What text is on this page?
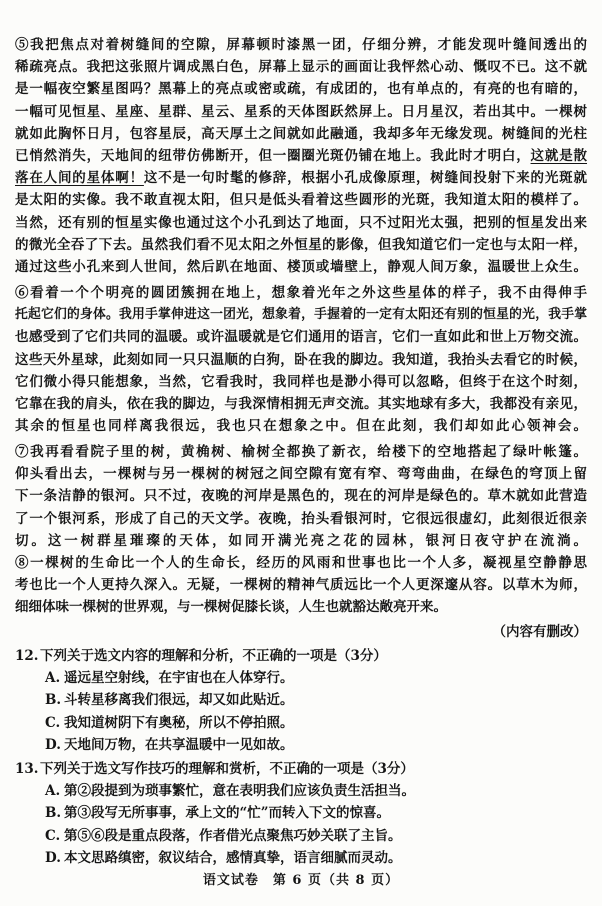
⑤我把焦点对着树缝间的空隙，屏幕顿时漆黑一团，仔细分辨，才能发现叶缝间透出的
稀疏亮点。我把这张照片调成黑白色，屏幕上显示的画面让我怦然心动、慨叹不已。这不就
是一幅夜空繁星图吗？黑幕上的亮点或密或疏，有成团的，也有单点的，有亮的也有暗的，
一幅可见恒星、星座、星群、星云、星系的天体图跃然屏上。日月星汉，若出其中。一棵树
就如此胸怀日月，包容星辰，高天厚土之间就如此融通，我却多年无缘发现。树缝间的光柱
已悄然消失，天地间的纽带仿佛断开，但一圈圈光斑仍铺在地上。我此时才明白，这就是散
落在人间的星体啊！这不是一句时髦的修辞，根据小孔成像原理，树缝间投射下来的光斑就
是太阳的实像。我不敢直视太阳，但只是低头看着这些圆形的光斑，我知道太阳的模样了。
当然，还有别的恒星实像也通过这个小孔到达了地面，只不过阳光太强，把别的恒星发出来
的微光全吞了下去。虽然我们看不见太阳之外恒星的影像，但我知道它们一定也与太阳一样，
通过这些小孔来到人世间，然后趴在地面、楼顶或墙壁上，静观人间万象，温暖世上众生。
⑥看着一个个明亮的圆团簇拥在地上，想象着光年之外这些星体的样子，我不由得伸手
托起它们的身体。我用手掌伸进这一团光，想象着，手握着的一定有太阳还有别的恒星的光，我手掌
也感受到了它们共同的温暖。或许温暖就是它们通用的语言，它们一直如此和世上万物交流。
这些天外星球，此刻如同一只只温顺的白狗，卧在我的脚边。我知道，我抬头去看它的时候，
它们微小得只能想象，当然，它看我时，我同样也是渺小得可以忽略，但终于在这个时刻，
它靠在我的肩头，依在我的脚边，与我深情相拥无声交流。其实地球有多大，我都没有亲见，
其余的恒星也同样离我很远，我也只在想象之中。但在此刻，我们却如此心领神会。
⑦我再看看院子里的树，黄桷树、榆树全都换了新衣，给楼下的空地搭起了绿叶帐篷。
仰头看出去，一棵树与另一棵树的树冠之间空隙有宽有窄、弯弯曲曲，在绿色的穹顶上留
下一条洁静的银河。只不过，夜晚的河岸是黑色的，现在的河岸是绿色的。草木就如此营造
了一个银河系，形成了自己的天文学。夜晚，抬头看银河时，它很远很虚幻，此刻很近很亲
切。这一树群星璀璨的天体，如同开满光亮之花的园林，银河日夜守护在流淌。
⑧一棵树的生命比一个人的生命长，经历的风雨和世事也比一个人多，凝视星空静静思
考也比一个人更持久深入。无疑，一棵树的精神气质远比一个人更深邃从容。以草木为师，
细细体味一棵树的世界观，与一棵树促膝长谈，人生也就豁达敞亮开来。
（内容有删改）
12. 下列关于选文内容的理解和分析，不正确的一项是（3分）
A. 遥远星空射线，在宇宙也在人体穿行。
B. 斗转星移离我们很远，却又如此贴近。
C. 我知道树阴下有奥秘，所以不停拍照。
D. 天地间万物，在共享温暖中一见如故。
13. 下列关于选文写作技巧的理解和赏析，不正确的一项是（3分）
A. 第②段提到为琐事繁忙，意在表明我们应该负责生活担当。
B. 第③段写无所事事，承上文的“忙”而转入下文的惊喜。
C. 第⑤⑥段是重点段落，作者借光点聚焦巧妙关联了主旨。
D. 本文思路缜密，叙议结合，感情真挚，语言细腻而灵动。
语文试卷 第 6 页（共 8 页）
